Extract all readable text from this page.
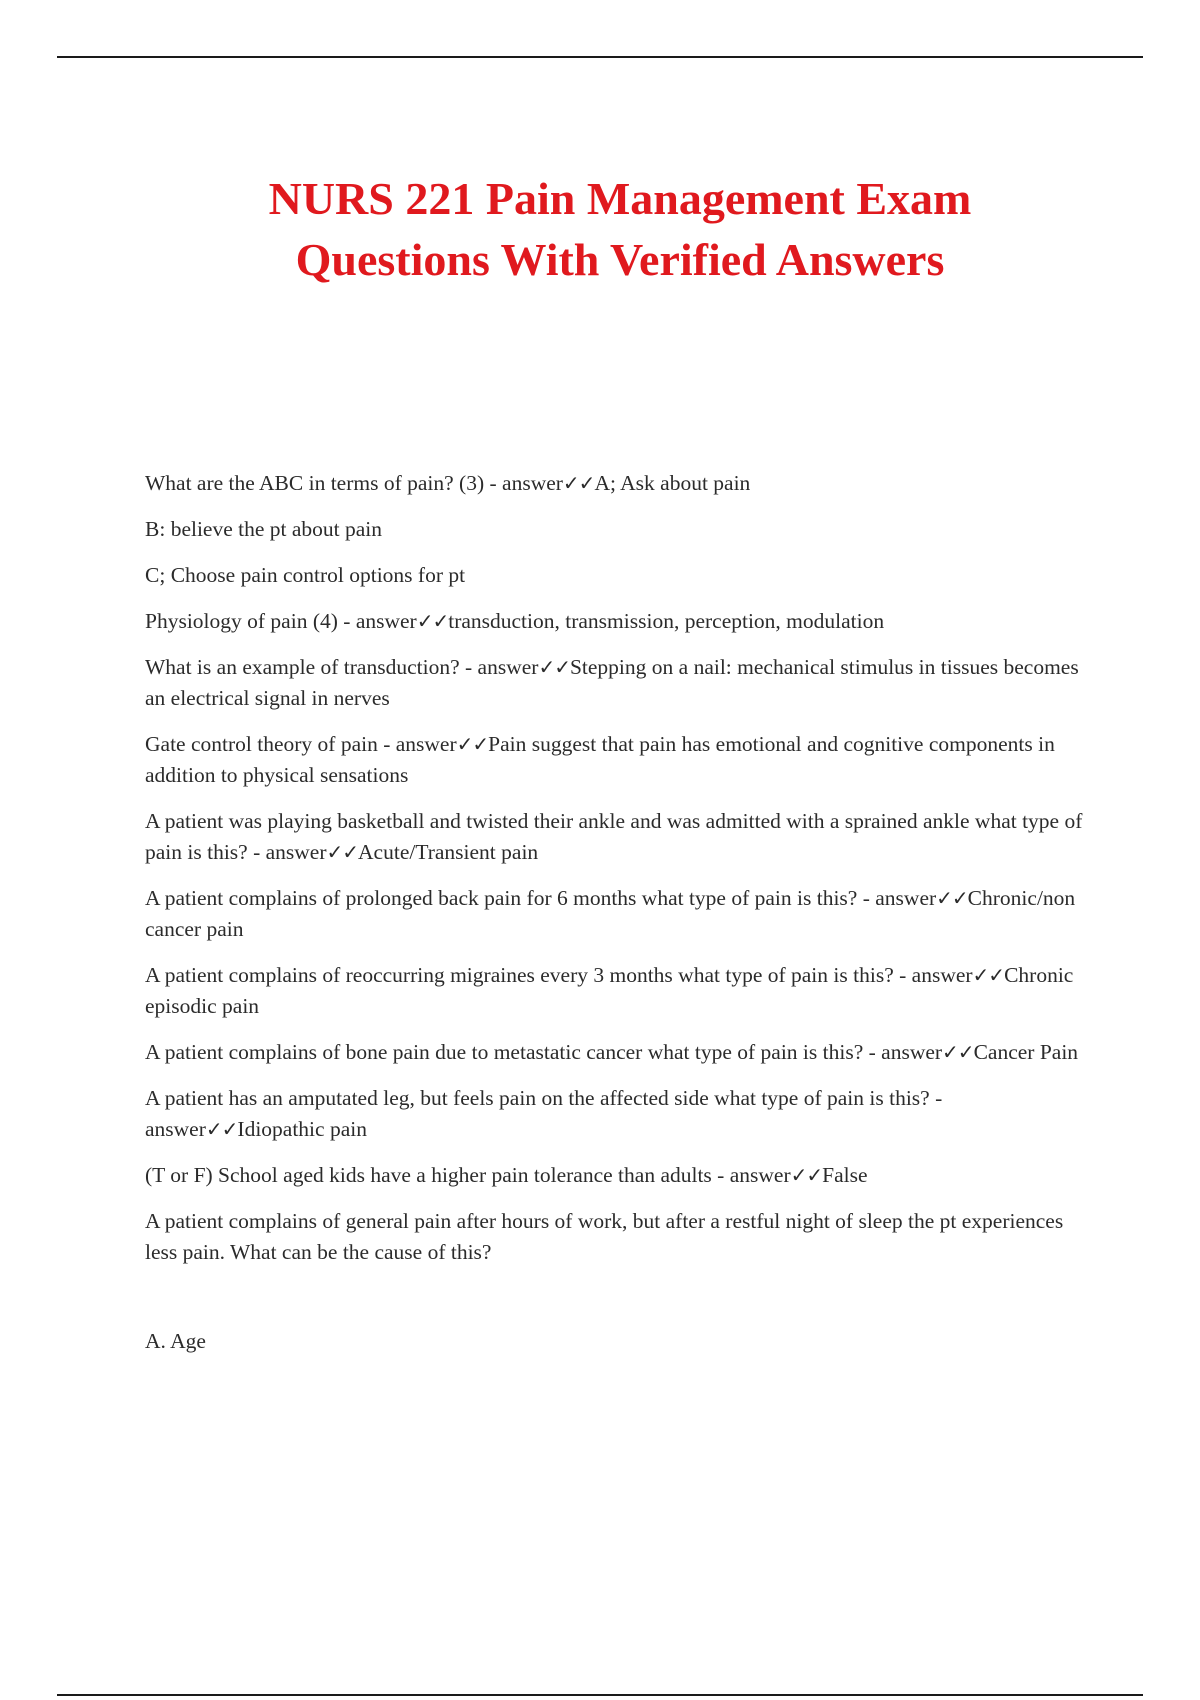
NURS 221 Pain Management Exam
Questions With Verified Answers

What are the ABC in terms of pain? (3) - answer✓✓A; Ask about pain

B: believe the pt about pain

C; Choose pain control options for pt

Physiology of pain (4) - answer✓✓transduction, transmission, perception, modulation

What is an example of transduction? - answer✓✓Stepping on a nail: mechanical stimulus in tissues becomes an electrical signal in nerves

Gate control theory of pain - answer✓✓Pain suggest that pain has emotional and cognitive components in addition to physical sensations

A patient was playing basketball and twisted their ankle and was admitted with a sprained ankle what type of pain is this? - answer✓✓Acute/Transient pain

A patient complains of prolonged back pain for 6 months what type of pain is this? - answer✓✓Chronic/non cancer pain

A patient complains of reoccurring migraines every 3 months what type of pain is this? - answer✓✓Chronic episodic pain

A patient complains of bone pain due to metastatic cancer what type of pain is this? - answer✓✓Cancer Pain

A patient has an amputated leg, but feels pain on the affected side what type of pain is this? - answer✓✓Idiopathic pain

(T or F) School aged kids have a higher pain tolerance than adults - answer✓✓False

A patient complains of general pain after hours of work, but after a restful night of sleep the pt experiences less pain. What can be the cause of this?

A. Age
